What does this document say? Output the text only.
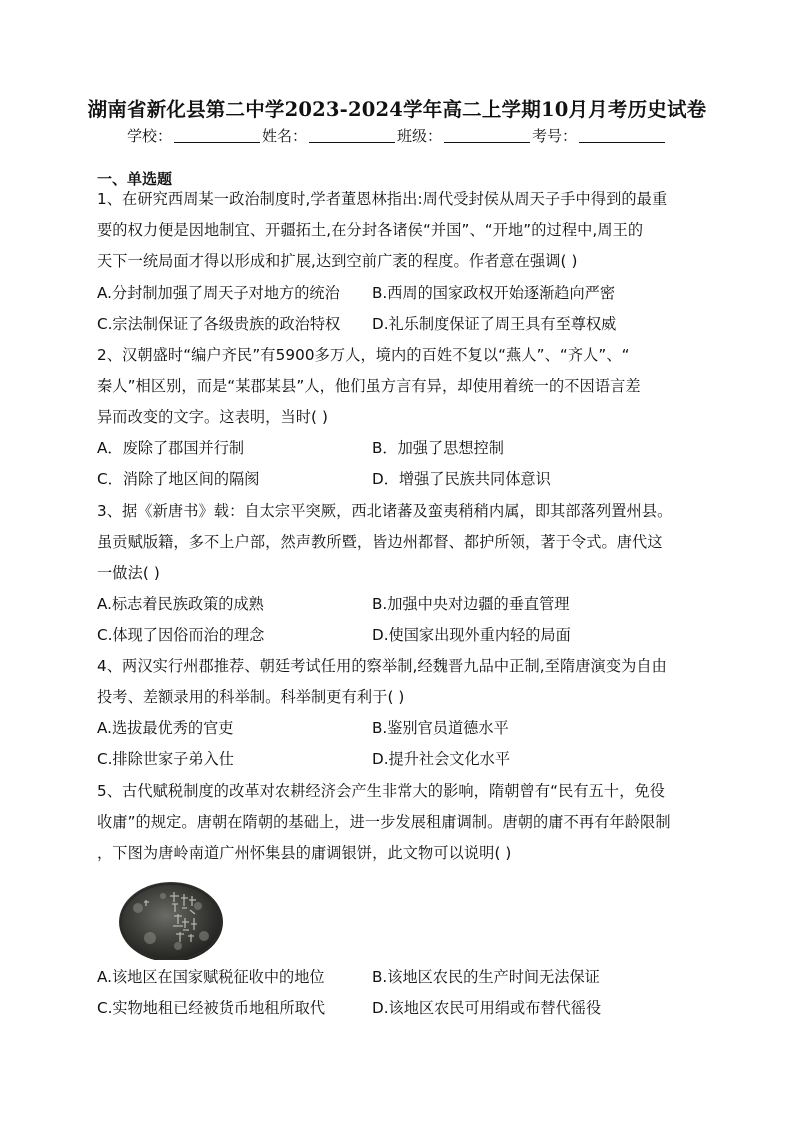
湖南省新化县第二中学2023-2024学年高二上学期10月月考历史试卷
学校：	姓名：	班级：	考号：
一、单选题
1、在研究西周某一政治制度时,学者董恩林指出:周代受封侯从周天子手中得到的最重
要的权力便是因地制宜、开疆拓土,在分封各诸侯“并国”、“开地”的过程中,周王的
天下一统局面才得以形成和扩展,达到空前广袤的程度。作者意在强调( )
A.分封制加强了周天子对地方的统治 B.西周的国家政权开始逐渐趋向严密
C.宗法制保证了各级贵族的政治特权 D.礼乐制度保证了周王具有至尊权威
2、汉朝盛时“编户齐民”有5900多万人，境内的百姓不复以“燕人”、“齐人”、“
秦人”相区别，而是“某郡某县”人，他们虽方言有异，却使用着统一的不因语言差
异而改变的文字。这表明，当时( )
A．废除了郡国并行制	B．加强了思想控制
C．消除了地区间的隔阂	D．增强了民族共同体意识
3、据《新唐书》载：自太宗平突厥，西北诸蕃及蛮夷稍稍内属，即其部落列置州县。
虽贡赋版籍，多不上户部，然声教所暨，皆边州都督、都护所领，著于令式。唐代这
一做法( )
A.标志着民族政策的成熟	B.加强中央对边疆的垂直管理
C.体现了因俗而治的理念	D.使国家出现外重内轻的局面
4、两汉实行州郡推荐、朝廷考试任用的察举制,经魏晋九品中正制,至隋唐演变为自由
投考、差额录用的科举制。科举制更有利于( )
A.选拔最优秀的官吏	B.鉴别官员道德水平
C.排除世家子弟入仕	D.提升社会文化水平
5、古代赋税制度的改革对农耕经济会产生非常大的影响，隋朝曾有“民有五十，免役
收庸”的规定。唐朝在隋朝的基础上，进一步发展租庸调制。唐朝的庸不再有年龄限制
，下图为唐岭南道广州怀集县的庸调银饼，此文物可以说明( )
A.该地区在国家赋税征收中的地位	B.该地区农民的生产时间无法保证
C.实物地租已经被货币地租所取代	D.该地区农民可用绢或布替代徭役
